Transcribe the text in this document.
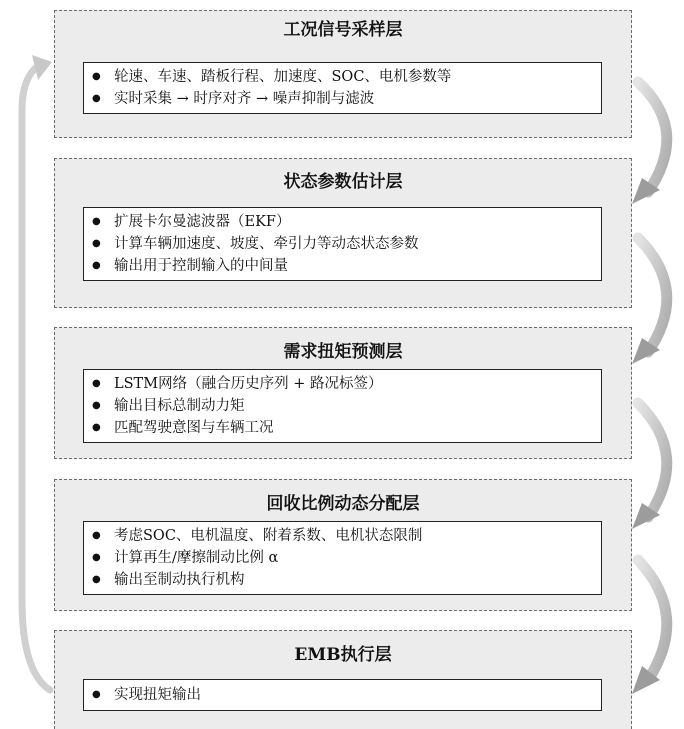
工况信号采样层
● 轮速、车速、踏板行程、加速度、SOC、电机参数等
● 实时采集 → 时序对齐 → 噪声抑制与滤波
状态参数估计层
● 扩展卡尔曼滤波器（EKF）
● 计算车辆加速度、坡度、牵引力等动态状态参数
● 输出用于控制输入的中间量
需求扭矩预测层
● LSTM网络（融合历史序列 + 路况标签）
● 输出目标总制动力矩
● 匹配驾驶意图与车辆工况
回收比例动态分配层
● 考虑SOC、电机温度、附着系数、电机状态限制
● 计算再生/摩擦制动比例 α
● 输出至制动执行机构
EMB执行层
● 实现扭矩输出
